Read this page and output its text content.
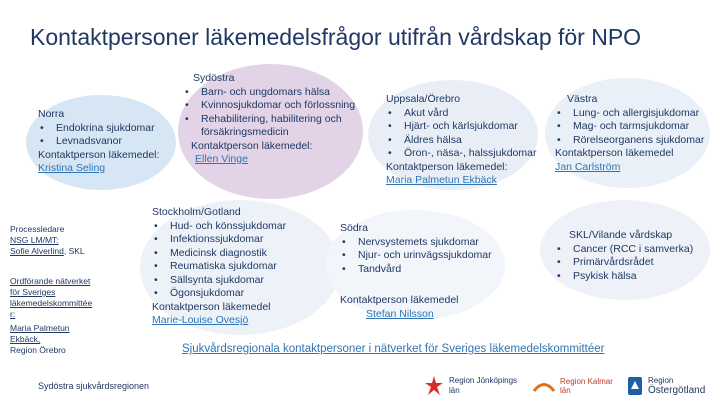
Kontaktpersoner läkemedelsfrågor utifrån vårdskap för NPO
Norra
• Endokrina sjukdomar
• Levnadsvanor
Kontaktperson läkemedel:
Kristina Seling
Sydöstra
• Barn- och ungdomars hälsa
• Kvinnosjukdomar och förlossning
• Rehabilitering, habilitering och försäkringsmedicin
Kontaktperson läkemedel:
Ellen Vinge
Uppsala/Örebro
• Akut vård
• Hjärt- och kärlsjukdomar
• Äldres hälsa
• Öron-, näsa-, halssjukdomar
Kontaktperson läkemedel:
Maria Palmetun Ekbäck
Västra
• Lung- och allergisjukdomar
• Mag- och tarmsjukdomar
• Rörelseorganens sjukdomar
Kontaktperson läkemedel
Jan Carlström
Stockholm/Gotland
• Hud- och könssjukdomar
• Infektionssjukdomar
• Medicinsk diagnostik
• Reumatiska sjukdomar
• Sällsynta sjukdomar
• Ögonsjukdomar
Kontaktperson läkemedel
Marie-Louise Ovesjö
Södra
• Nervsystemets sjukdomar
• Njur- och urinvägssjukdomar
• Tandvård
Kontaktperson läkemedel
Stefan Nilsson
SKL/Vilande vårdskap
• Cancer (RCC i samverka)
• Primärvårdsrådet
• Psykisk hälsa
Processledare
NSG LM/MT:
Sofie Alverlind, SKL
Ordförande nätverket
för Sveriges
läkemedelskommittée
r:
Maria Palmetun
Ekbäck,
Region Örebro	Sjukvårdsregionala kontaktpersoner i nätverket för Sveriges läkemedelskommittéer
Sydöstra sjukvårdsregionen
Region Jönköpings län
Region Kalmar län
Region
Östergötland
